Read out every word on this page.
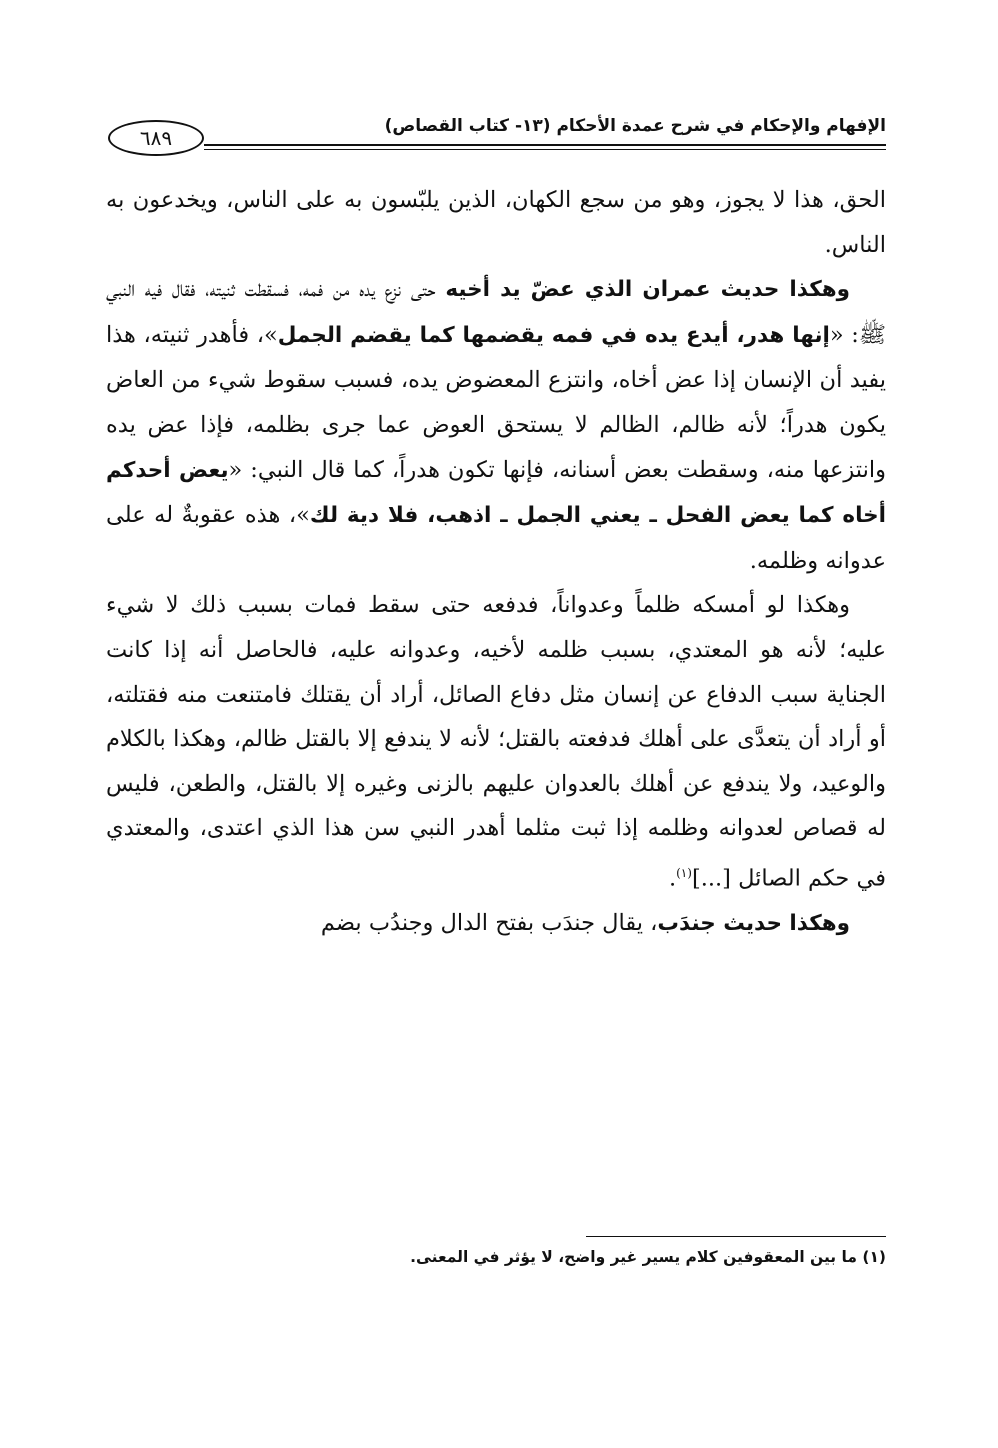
الإفهام والإحكام في شرح عمدة الأحكام (١٣- كتاب القصاص)
٦٨٩

الحق، هذا لا يجوز، وهو من سجع الكهان، الذين يلبّسون به على الناس، ويخدعون به الناس.

وهكذا حديث عمران الذي عضّ يد أخيه حتى نزع يده من فمه، فسقطت ثنيته، فقال فيه النبي ﷺ: «إنها هدر، أيدع يده في فمه يقضمها كما يقضم الجمل»، فأهدر ثنيته، هذا يفيد أن الإنسان إذا عض أخاه، وانتزع المعضوض يده، فسبب سقوط شيء من العاض يكون هدراً؛ لأنه ظالم، الظالم لا يستحق العوض عما جرى بظلمه، فإذا عض يده وانتزعها منه، وسقطت بعض أسنانه، فإنها تكون هدراً، كما قال النبي: «يعض أحدكم أخاه كما يعض الفحل ـ يعني الجمل ـ اذهب، فلا دية لك»، هذه عقوبةٌ له على عدوانه وظلمه.

وهكذا لو أمسكه ظلماً وعدواناً، فدفعه حتى سقط فمات بسبب ذلك لا شيء عليه؛ لأنه هو المعتدي، بسبب ظلمه لأخيه، وعدوانه عليه، فالحاصل أنه إذا كانت الجناية سبب الدفاع عن إنسان مثل دفاع الصائل، أراد أن يقتلك فامتنعت منه فقتلته، أو أراد أن يتعدَّى على أهلك فدفعته بالقتل؛ لأنه لا يندفع إلا بالقتل ظالم، وهكذا بالكلام والوعيد، ولا يندفع عن أهلك بالعدوان عليهم بالزنى وغيره إلا بالقتل، والطعن، فليس له قصاص لعدوانه وظلمه إذا ثبت مثلما أهدر النبي سن هذا الذي اعتدى، والمعتدي في حكم الصائل [...]$^{(١)}$.

وهكذا حديث جندَب، يقال جندَب بفتح الدال وجندُب بضم

(١) ما بين المعقوفين كلام يسير غير واضح، لا يؤثر في المعنى.
